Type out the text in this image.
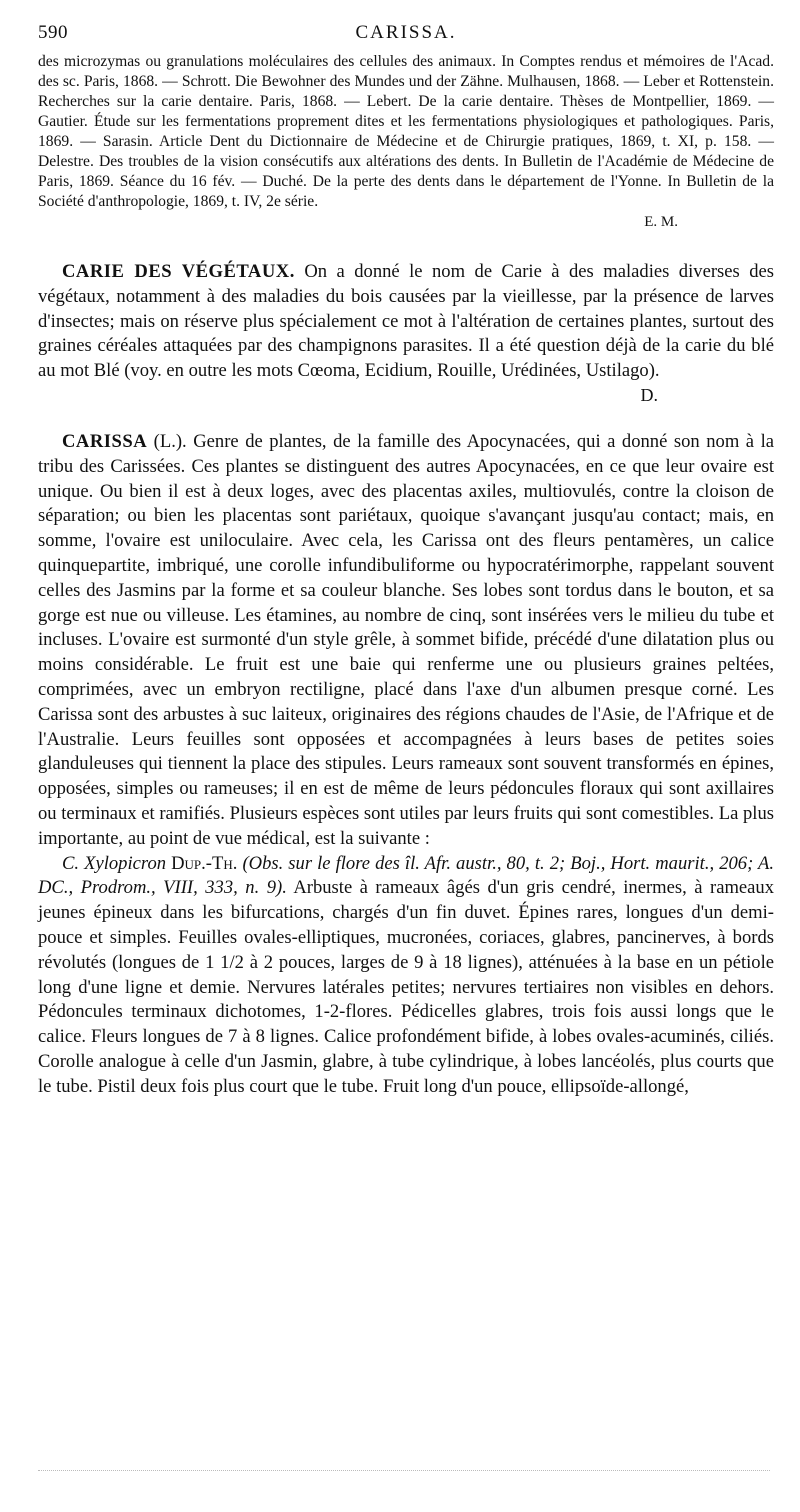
590	CARISSA.

des microzymas ou granulations moléculaires des cellules des animaux. In Comptes rendus et mémoires de l'Acad. des sc. Paris, 1868. — Schrott. Die Bewohner des Mundes und der Zähne. Mulhausen, 1868. — Leber et Rottenstein. Recherches sur la carie dentaire. Paris, 1868. — Lebert. De la carie dentaire. Thèses de Montpellier, 1869. — Gautier. Étude sur les fermentations proprement dites et les fermentations physiologiques et pathologiques. Paris, 1869. — Sarasin. Article Dent du Dictionnaire de Médecine et de Chirurgie pratiques, 1869, t. XI, p. 158. — Delestre. Des troubles de la vision consécutifs aux altérations des dents. In Bulletin de l'Académie de Médecine de Paris, 1869. Séance du 16 fév. — Duché. De la perte des dents dans le département de l'Yonne. In Bulletin de la Société d'anthropologie, 1869, t. IV, 2e série.

E. M.

CARIE DES VÉGÉTAUX. On a donné le nom de Carie à des maladies diverses des végétaux, notamment à des maladies du bois causées par la vieillesse, par la présence de larves d'insectes; mais on réserve plus spécialement ce mot à l'altération de certaines plantes, surtout des graines céréales attaquées par des champignons parasites. Il a été question déjà de la carie du blé au mot Blé (voy. en outre les mots Cœoma, Ecidium, Rouille, Urédinées, Ustilago).

D.

CARISSA (L.). Genre de plantes, de la famille des Apocynacées, qui a donné son nom à la tribu des Carissées. Ces plantes se distinguent des autres Apocynacées, en ce que leur ovaire est unique. Ou bien il est à deux loges, avec des placentas axiles, multiovulés, contre la cloison de séparation; ou bien les placentas sont pariétaux, quoique s'avançant jusqu'au contact; mais, en somme, l'ovaire est uniloculaire. Avec cela, les Carissa ont des fleurs pentamères, un calice quinquepartite, imbriqué, une corolle infundibuliforme ou hypocratérimorphe, rappelant souvent celles des Jasmins par la forme et sa couleur blanche. Ses lobes sont tordus dans le bouton, et sa gorge est nue ou villeuse. Les étamines, au nombre de cinq, sont insérées vers le milieu du tube et incluses. L'ovaire est surmonté d'un style grêle, à sommet bifide, précédé d'une dilatation plus ou moins considérable. Le fruit est une baie qui renferme une ou plusieurs graines peltées, comprimées, avec un embryon rectiligne, placé dans l'axe d'un albumen presque corné. Les Carissa sont des arbustes à suc laiteux, originaires des régions chaudes de l'Asie, de l'Afrique et de l'Australie. Leurs feuilles sont opposées et accompagnées à leurs bases de petites soies glanduleuses qui tiennent la place des stipules. Leurs rameaux sont souvent transformés en épines, opposées, simples ou rameuses; il en est de même de leurs pédoncules floraux qui sont axillaires ou terminaux et ramifiés. Plusieurs espèces sont utiles par leurs fruits qui sont comestibles. La plus importante, au point de vue médical, est la suivante :

C. Xylopicron Dup.-Th. (Obs. sur le flore des îl. Afr. austr., 80, t. 2; Boj., Hort. maurit., 206; A. DC., Prodrom., VIII, 333, n. 9). Arbuste à rameaux âgés d'un gris cendré, inermes, à rameaux jeunes épineux dans les bifurcations, chargés d'un fin duvet. Épines rares, longues d'un demi-pouce et simples. Feuilles ovales-elliptiques, mucronées, coriaces, glabres, pancinerves, à bords révolutés (longues de 1 1/2 à 2 pouces, larges de 9 à 18 lignes), atténuées à la base en un pétiole long d'une ligne et demie. Nervures latérales petites; nervures tertiaires non visibles en dehors. Pédoncules terminaux dichotomes, 1-2-flores. Pédicelles glabres, trois fois aussi longs que le calice. Fleurs longues de 7 à 8 lignes. Calice profondément bifide, à lobes ovales-acuminés, ciliés. Corolle analogue à celle d'un Jasmin, glabre, à tube cylindrique, à lobes lancéolés, plus courts que le tube. Pistil deux fois plus court que le tube. Fruit long d'un pouce, ellipsoïde-allongé,
